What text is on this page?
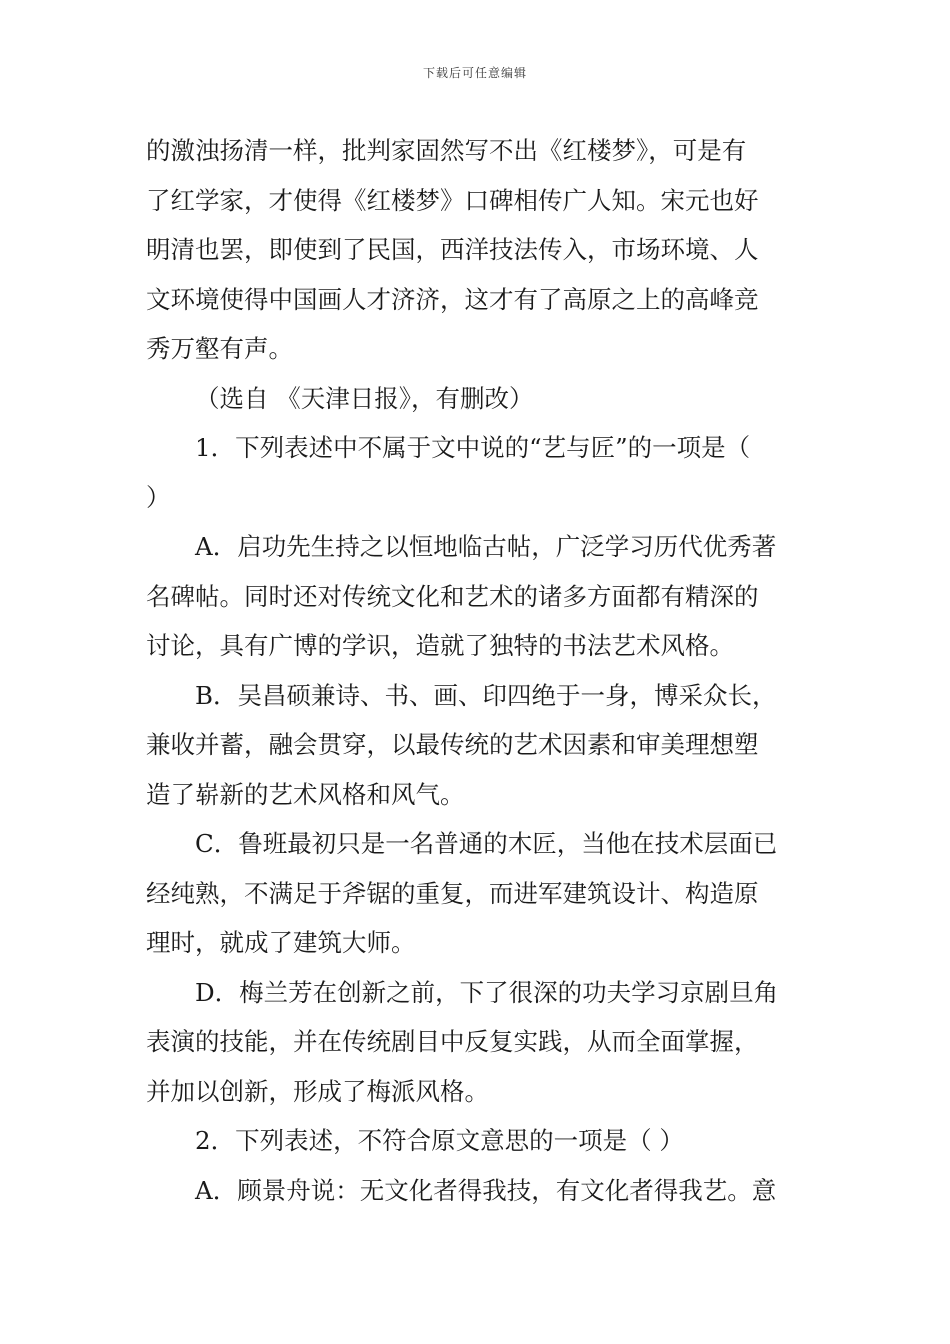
下载后可任意编辑
的激浊扬清一样，批判家固然写不出《红楼梦》，可是有
了红学家，才使得《红楼梦》口碑相传广人知。宋元也好
明清也罢，即使到了民国，西洋技法传入，市场环境、人
文环境使得中国画人才济济，这才有了高原之上的高峰竞
秀万壑有声。
（选自 《天津日报》，有删改）
1．下列表述中不属于文中说的“艺与匠”的一项是（
）
A．启功先生持之以恒地临古帖，广泛学习历代优秀著
名碑帖。同时还对传统文化和艺术的诸多方面都有精深的
讨论，具有广博的学识，造就了独特的书法艺术风格。
B．吴昌硕兼诗、书、画、印四绝于一身，博采众长，
兼收并蓄，融会贯穿，以最传统的艺术因素和审美理想塑
造了崭新的艺术风格和风气。
C．鲁班最初只是一名普通的木匠，当他在技术层面已
经纯熟，不满足于斧锯的重复，而进军建筑设计、构造原
理时，就成了建筑大师。
D．梅兰芳在创新之前，下了很深的功夫学习京剧旦角
表演的技能，并在传统剧目中反复实践，从而全面掌握，
并加以创新，形成了梅派风格。
2．下列表述，不符合原文意思的一项是（ ）
A．顾景舟说：无文化者得我技，有文化者得我艺。意
